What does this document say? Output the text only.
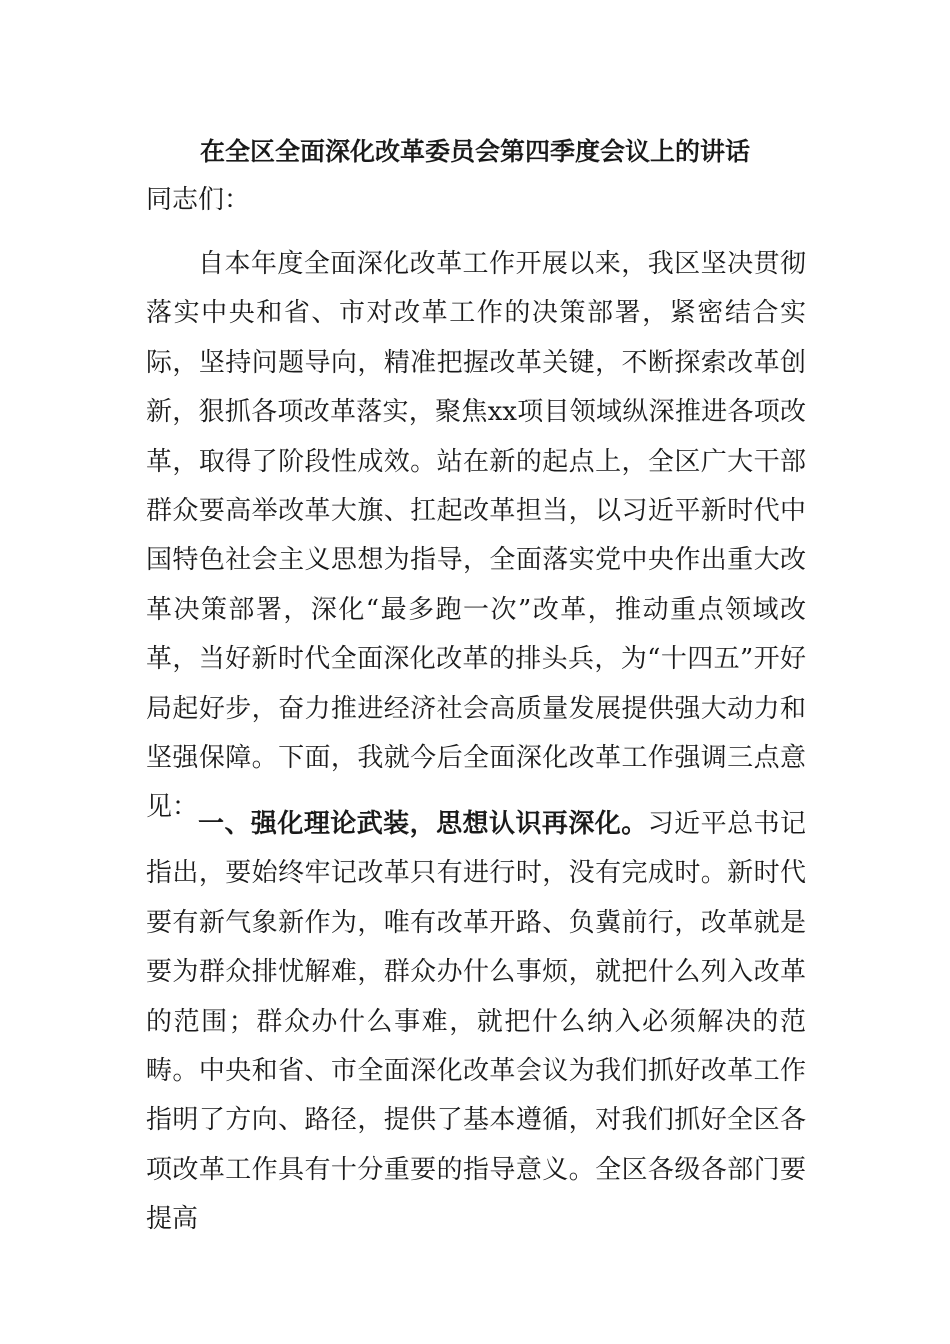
在全区全面深化改革委员会第四季度会议上的讲话
同志们：

自本年度全面深化改革工作开展以来，我区坚决贯彻落实中央和省、市对改革工作的决策部署，紧密结合实际，坚持问题导向，精准把握改革关键，不断探索改革创新，狠抓各项改革落实，聚焦xx项目领域纵深推进各项改革，取得了阶段性成效。站在新的起点上，全区广大干部群众要高举改革大旗、扛起改革担当，以习近平新时代中国特色社会主义思想为指导，全面落实党中央作出重大改革决策部署，深化“最多跑一次”改革，推动重点领域改革，当好新时代全面深化改革的排头兵，为“十四五”开好局起好步，奋力推进经济社会高质量发展提供强大动力和坚强保障。下面，我就今后全面深化改革工作强调三点意见：

一、强化理论武装，思想认识再深化。习近平总书记指出，要始终牢记改革只有进行时，没有完成时。新时代要有新气象新作为，唯有改革开路、负冀前行，改革就是要为群众排忧解难，群众办什么事烦，就把什么列入改革的范围；群众办什么事难，就把什么纳入必须解决的范畴。中央和省、市全面深化改革会议为我们抓好改革工作指明了方向、路径，提供了基本遵循，对我们抓好全区各项改革工作具有十分重要的指导意义。全区各级各部门要提高
